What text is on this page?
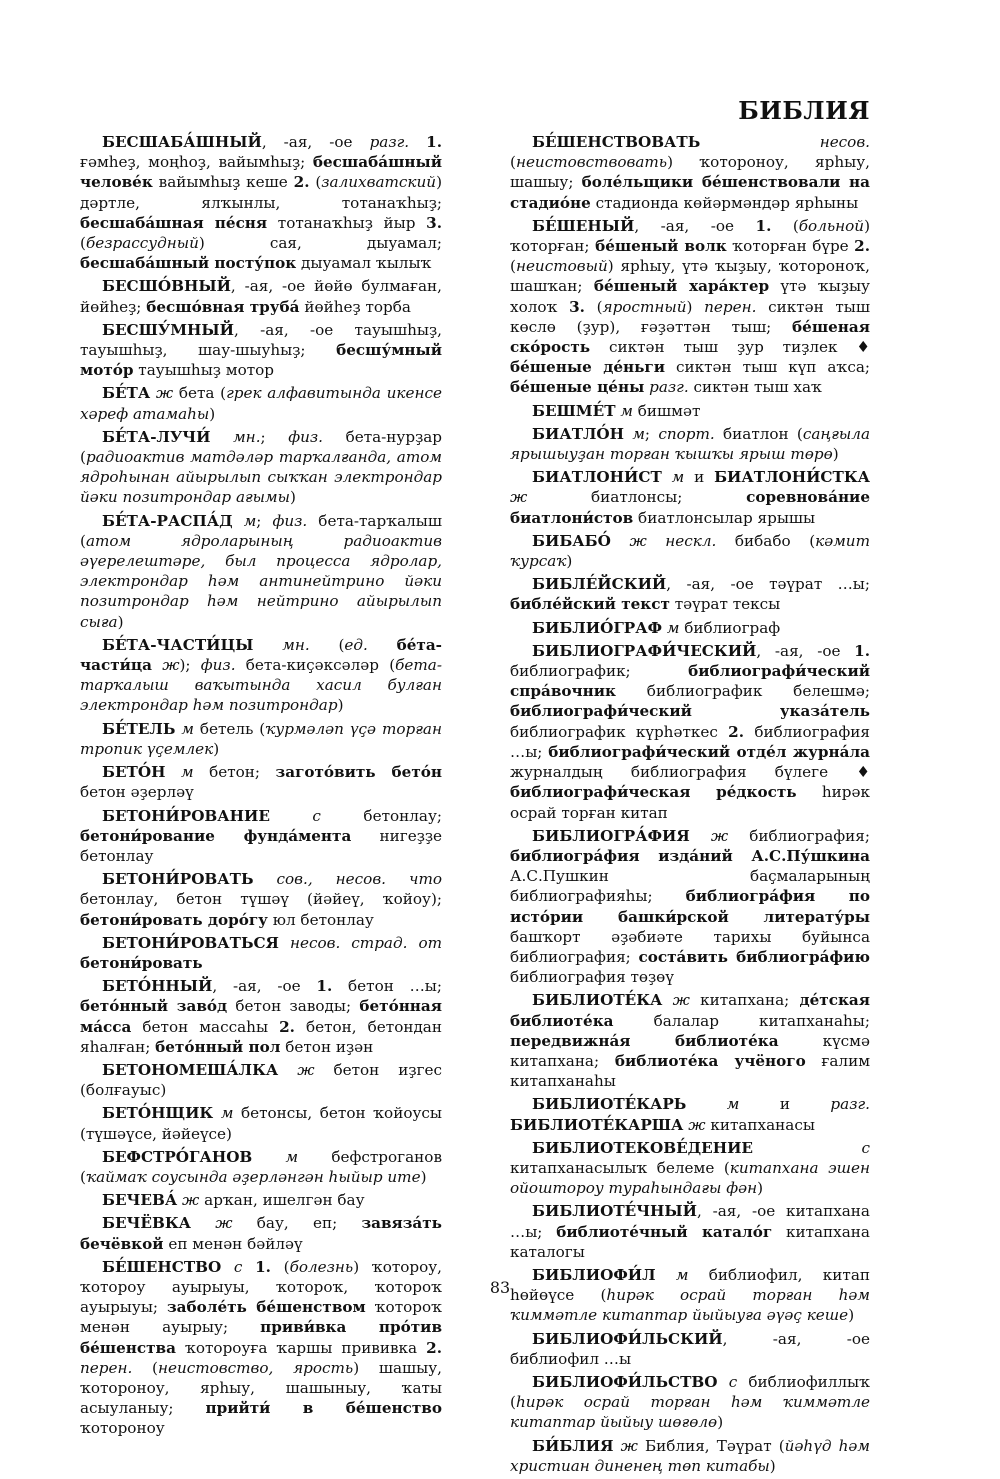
БИБЛИЯ

БЕСШАБА́ШНЫЙ, -ая, -ое разг. 1. ғәмһеҙ, моңһоҙ, вайымһыҙ; бесшаба́шный челове́к вайымһыҙ кеше 2. (залихватский) дәртле, ялҡынлы, тотанаҡһыҙ; бесшаба́шная пе́сня тотанаҡһыҙ йыр 3. (безрассудный) сая, дыуамал; бесшаба́шный посту́пок дыуамал ҡылыҡ

БЕСШО́ВНЫЙ, -ая, -ое йөйө булмаған, йөйһеҙ; бесшо́вная труба́ йөйһеҙ торба

БЕСШУ́МНЫЙ, -ая, -ое тауышһыҙ, тауышһыҙ, шау-шыуһыҙ; бесшу́мный мото́р тауышһыҙ мотор

БЕ́ТА ж бета (грек алфавитында икенсе хәреф атамаһы)

БЕ́ТА-ЛУЧИ́ мн.; физ. бета-нурҙар (радиоактив матдәләр тарҡалғанда, атом ядроһынан айырылып сыҡҡан электрондар йәки позитрондар ағымы)

БЕ́ТА-РАСПА́Д м; физ. бета-тарҡалыш (атом ядроларының радиоактив әүерелештәре, был процесса ядролар, электрондар һәм антинейтрино йәки позитрондар һәм нейтрино айырылып сыға)

БЕ́ТА-ЧАСТИ́ЦЫ мн. (ед. бе́та-части́ца ж); физ. бета-киҫәксәләр (бета-тарҡалыш ваҡытында хасил булған электрондар һәм позитрондар)

БЕ́ТЕЛЬ м бетель (ҡурмәләп үҫә торған тропик үҫемлек)

БЕТО́Н м бетон; загото́вить бето́н бетон әҙерләү

БЕТОНИ́РОВАНИЕ	с бетонлау; бетони́рование фунда́мента нигеҙҙе бетонлау

БЕТОНИ́РОВАТЬ сов., несов. что бетонлау, бетон түшәү (йәйеү, ҡойоу); бетони́ровать доро́гу юл бетонлау

БЕТОНИ́РОВАТЬСЯ несов. страд. от бетони́ровать

БЕТО́ННЫЙ, -ая, -ое 1. бетон …ы; бето́нный заво́д бетон заводы; бето́нная ма́сса бетон массаһы 2. бетон, бетондан яһалған; бето́нный пол бетон иҙән

БЕТОНОМЕША́ЛКА ж бетон иҙгес (болғауыс)

БЕТО́НЩИК м бетонсы, бетон ҡойоусы (түшәүсе, йәйеүсе)

БЕФСТРО́ГАНОВ м бефстроганов (ҡаймаҡ соусында әҙерләнгән һыйыр ите)

БЕЧЕВА́ ж арҡан, ишелгән бау

БЕЧЁВКА ж бау, еп; завяза́ть бечёвкой еп менән бәйләү

БЕ́ШЕНСТВО с 1. (болезнь) ҡотороу, ҡотороу ауырыуы, ҡотороҡ, ҡотороҡ ауырыуы; заболе́ть бе́шенством ҡотороҡ менән ауырыу; приви́вка про́тив бе́шенства ҡотороуға ҡаршы прививка 2. перен. (неистовство, ярость) шашыу, ҡотороноу, ярһыу, шашыныу, ҡаты асыуланыу; прийти́ в бе́шенство ҡотороноу

БЕ́ШЕНСТВОВАТЬ	несов. (неистовствовать) ҡотороноу, ярһыу, шашыу; боле́льщики бе́шенствовали на стадио́не стадионда көйәрмәндәр ярһыны

БЕ́ШЕНЫЙ, -ая, -ое 1. (больной) ҡоторған; бе́шеный волк ҡоторған бүре 2. (неистовый) ярһыу, үтә ҡыҙыу, ҡотороноҡ, шашҡан; бе́шеный хара́ктер үтә ҡыҙыу холоҡ 3. (яростный) перен. сиктән тыш көслө (ҙур), ғәҙәттән тыш; бе́шеная ско́рость сиктән тыш ҙур тиҙлек ♦ бе́шеные де́ньги сиктән тыш күп аҡса; бе́шеные це́ны разг. сиктән тыш хаҡ

БЕШМЕ́Т м бишмәт

БИАТЛО́Н м; спорт. биатлон (саңғыла ярышыуҙан торған ҡышҡы ярыш төрө)

БИАТЛОНИ́СТ м и БИАТЛОНИ́СТКА ж биатлонсы; соревнова́ние биатлони́стов биатлонсылар ярышы

БИБАБО́ ж нескл. бибабо (кәмит ҡурсаҡ)

БИБЛЕ́ЙСКИЙ, -ая, -ое тәүрат …ы; библе́йский текст тәүрат тексы

БИБЛИО́ГРАФ м библиограф

БИБЛИОГРАФИ́ЧЕСКИЙ, -ая, -ое 1. библиографик; библиографи́ческий спра́вочник библиографик белешмә; библиографи́ческий указа́тель библиографик күрһәткес 2. библиография …ы; библиографи́ческий отде́л журна́ла журналдың библиография бүлеге ♦ библиографи́ческая ре́дкость һирәк осрай торған китап

БИБЛИОГРА́ФИЯ ж библиография; библиогра́фия изда́ний А.С.Пу́шкина А.С.Пушкин баҫмаларының библиографияһы; библиогра́фия по исто́рии башки́рской литерату́ры башҡорт әҙәбиәте тарихы буйынса библиография; соста́вить библиогра́фию библиография төҙөү

БИБЛИОТЕ́КА ж китапхана; де́тская библиоте́ка балалар китапханаһы; передвижна́я библиоте́ка күсмә китапхана; библиоте́ка учёного ғалим китапханаһы

БИБЛИОТЕ́КАРЬ	м и разг. БИБЛИОТЕ́КАРША ж китапханасы

БИБЛИОТЕКОВЕ́ДЕНИЕ	с китапханасылыҡ белеме (китапхана эшен ойоштороу тураһындағы фән)

БИБЛИОТЕ́ЧНЫЙ, -ая, -ое китапхана …ы; библиоте́чный катало́г китапхана каталогы

БИБЛИОФИ́Л м библиофил, китап һөйөүсе (һирәк осрай торған һәм ҡиммәтле китаптар йыйыуға әүәҫ кеше)

БИБЛИОФИ́ЛЬСКИЙ, -ая, -ое библиофил …ы

БИБЛИОФИ́ЛЬСТВО с библиофиллыҡ (һирәк осрай торған һәм ҡиммәтле китаптар йыйыу шөғөлө)

БИ́БЛИЯ ж Библия, Тәүрат (йәһүд һәм христиан диненең төп китабы)

83
